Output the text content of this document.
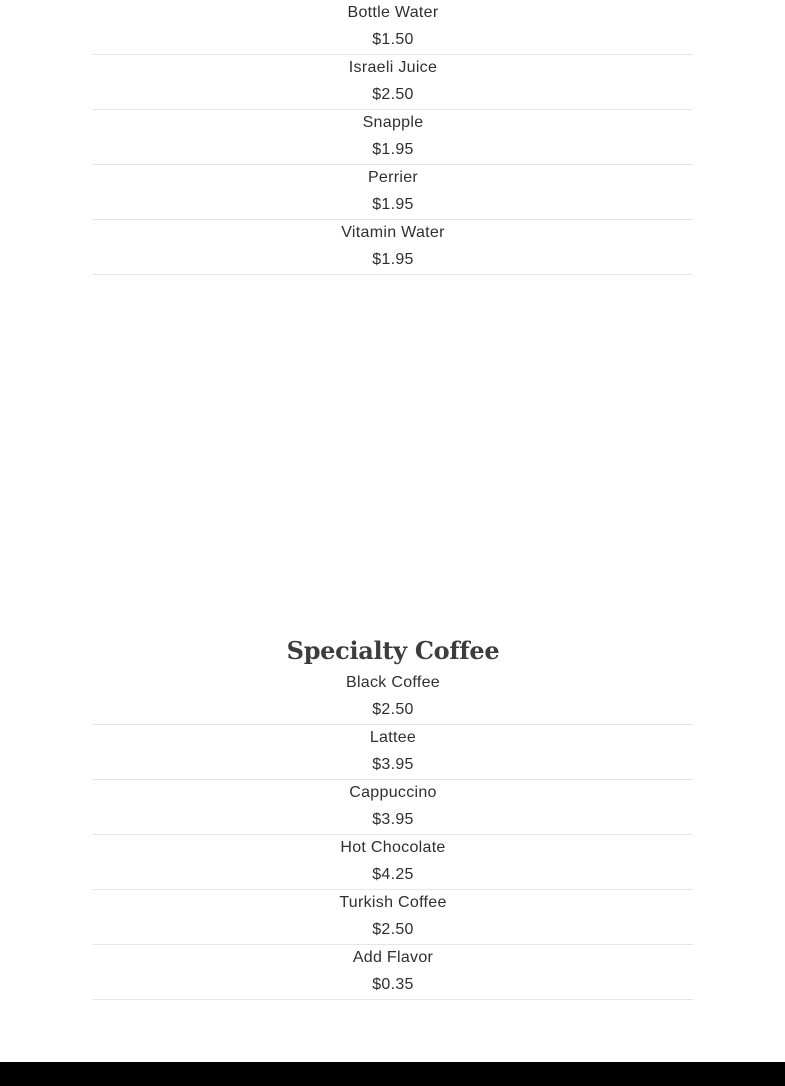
Bottle Water
$1.50
Israeli Juice
$2.50
Snapple
$1.95
Perrier
$1.95
Vitamin Water
$1.95
Specialty Coffee
Black Coffee
$2.50
Lattee
$3.95
Cappuccino
$3.95
Hot Chocolate
$4.25
Turkish Coffee
$2.50
Add Flavor
$0.35
